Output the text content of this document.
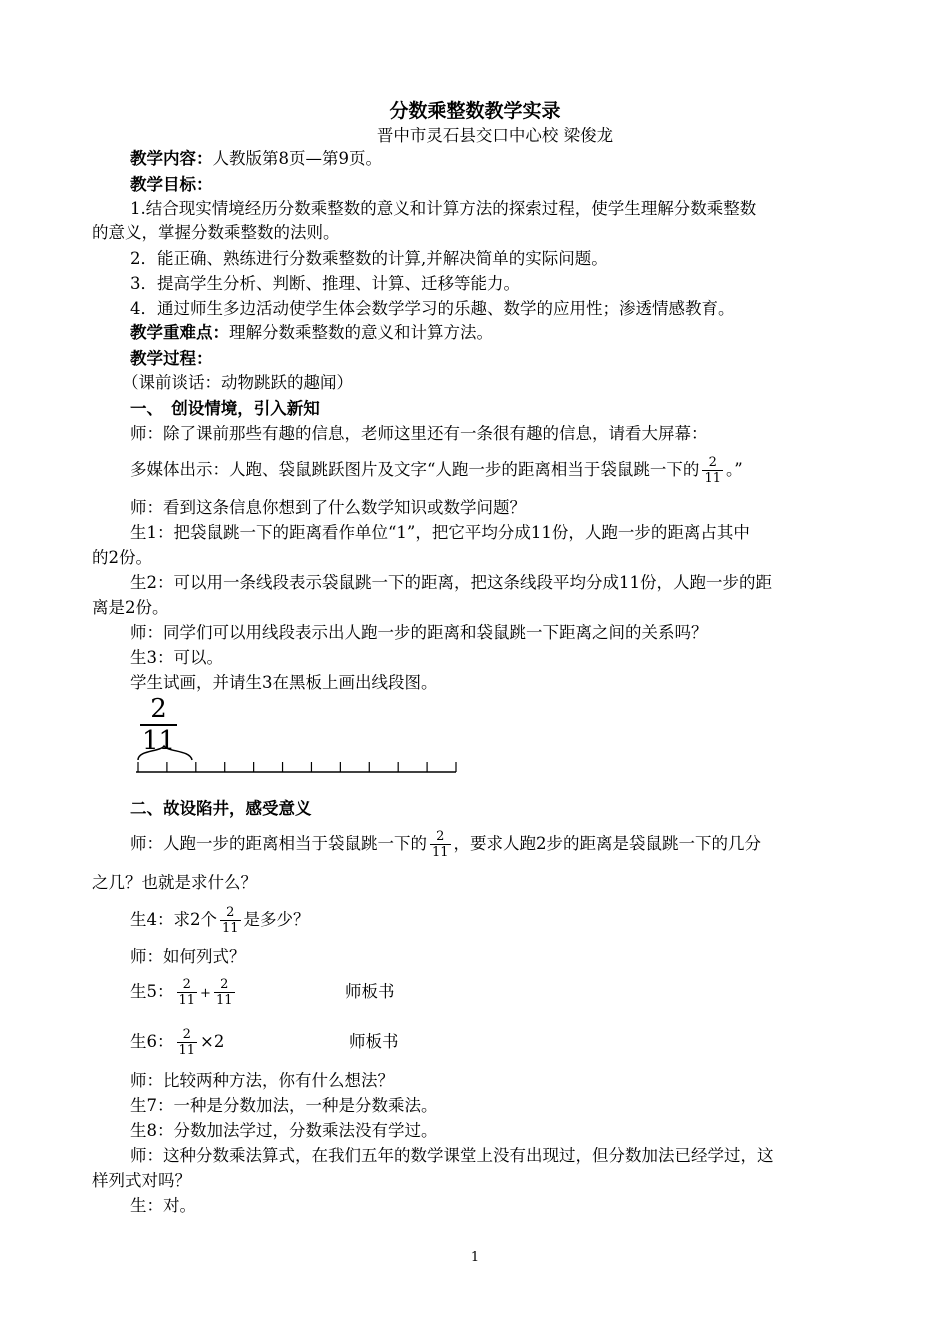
分数乘整数教学实录
晋中市灵石县交口中心校 梁俊龙
教学内容：人教版第8页—第9页。
教学目标：
1.结合现实情境经历分数乘整数的意义和计算方法的探索过程，使学生理解分数乘整数
的意义，掌握分数乘整数的法则。
2．能正确、熟练进行分数乘整数的计算,并解决简单的实际问题。
3．提高学生分析、判断、推理、计算、迁移等能力。
4．通过师生多边活动使学生体会数学学习的乐趣、数学的应用性；渗透情感教育。
教学重难点：理解分数乘整数的意义和计算方法。
教学过程：
（课前谈话：动物跳跃的趣闻）
一、　创设情境，引入新知
师：除了课前那些有趣的信息，老师这里还有一条很有趣的信息，请看大屏幕：
多媒体出示：人跑、袋鼠跳跃图片及文字“人跑一步的距离相当于袋鼠跳一下的 $\frac{2}{11}$ 。”
师：看到这条信息你想到了什么数学知识或数学问题？
生1：把袋鼠跳一下的距离看作单位“1”，把它平均分成11份，人跑一步的距离占其中
的2份。
生2：可以用一条线段表示袋鼠跳一下的距离，把这条线段平均分成11份，人跑一步的距
离是2份。
师：同学们可以用线段表示出人跑一步的距离和袋鼠跳一下距离之间的关系吗？
生3：可以。
学生试画，并请生3在黑板上画出线段图。
$\frac{2}{11}$
二、故设陷井，感受意义
师：人跑一步的距离相当于袋鼠跳一下的 $\frac{2}{11}$ ，要求人跑2步的距离是袋鼠跳一下的几分
之几？也就是求什么？
生4：求2个 $\frac{2}{11}$ 是多少？
师：如何列式？
生5： $\frac{2}{11} + \frac{2}{11}$	师板书
生6： $\frac{2}{11} \times 2$	师板书
师：比较两种方法，你有什么想法？
生7：一种是分数加法，一种是分数乘法。
生8：分数加法学过，分数乘法没有学过。
师：这种分数乘法算式，在我们五年的数学课堂上没有出现过，但分数加法已经学过，这
样列式对吗？
生：对。
1
